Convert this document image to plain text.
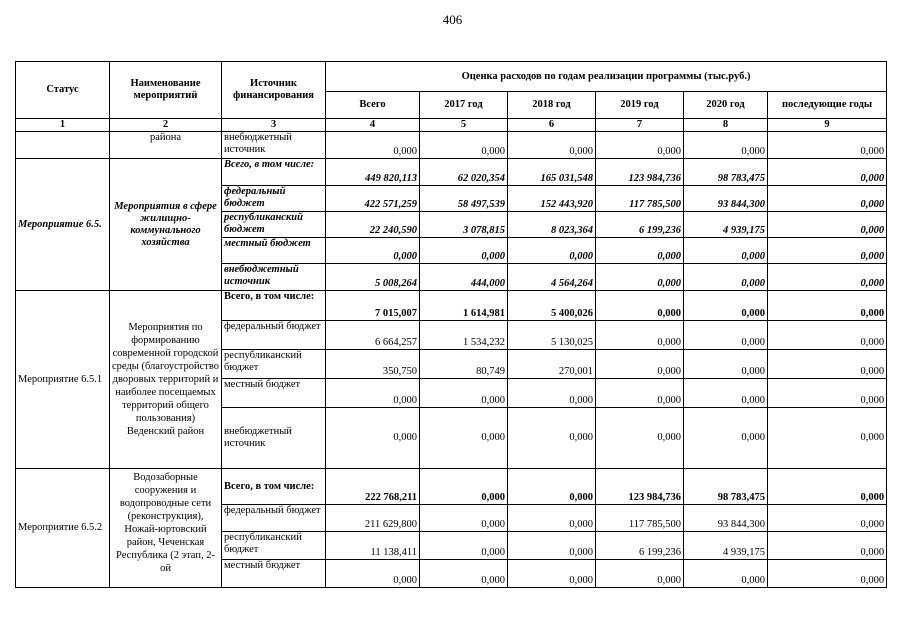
406
Статус	Наименование мероприятий	Источник финансирования	Оценка расходов по годам реализации программы (тыс.руб.)					
			Всего	2017 год	2018 год	2019 год	2020 год	последующие годы
1	2	3	4	5	6	7	8	9
	района	внебюджетный источник	0,000	0,000	0,000	0,000	0,000	0,000
Мероприятие 6.5.	Мероприятия в сфере жилищно-коммунального хозяйства	Всего, в том числе:	449 820,113	62 020,354	165 031,548	123 984,736	98 783,475	0,000
		федеральный бюджет	422 571,259	58 497,539	152 443,920	117 785,500	93 844,300	0,000
		республиканский бюджет	22 240,590	3 078,815	8 023,364	6 199,236	4 939,175	0,000
		местный бюджет	0,000	0,000	0,000	0,000	0,000	0,000
		внебюджетный источник	5 008,264	444,000	4 564,264	0,000	0,000	0,000
Мероприятие 6.5.1	Мероприятия по формированию современной городской среды (благоустройство дворовых территорий и наиболее посещаемых территорий общего пользования) Веденский район	Всего, в том числе:	7 015,007	1 614,981	5 400,026	0,000	0,000	0,000
		федеральный бюджет	6 664,257	1 534,232	5 130,025	0,000	0,000	0,000
		республиканский бюджет	350,750	80,749	270,001	0,000	0,000	0,000
		местный бюджет	0,000	0,000	0,000	0,000	0,000	0,000
		внебюджетный источник	0,000	0,000	0,000	0,000	0,000	0,000
Мероприятие 6.5.2	Водозаборные сооружения и водопроводные сети (реконструкция), Ножай-юртовский район, Чеченская Республика (2 этап, 2-ой	Всего, в том числе:	222 768,211	0,000	0,000	123 984,736	98 783,475	0,000
		федеральный бюджет	211 629,800	0,000	0,000	117 785,500	93 844,300	0,000
		республиканский бюджет	11 138,411	0,000	0,000	6 199,236	4 939,175	0,000
		местный бюджет	0,000	0,000	0,000	0,000	0,000	0,000
